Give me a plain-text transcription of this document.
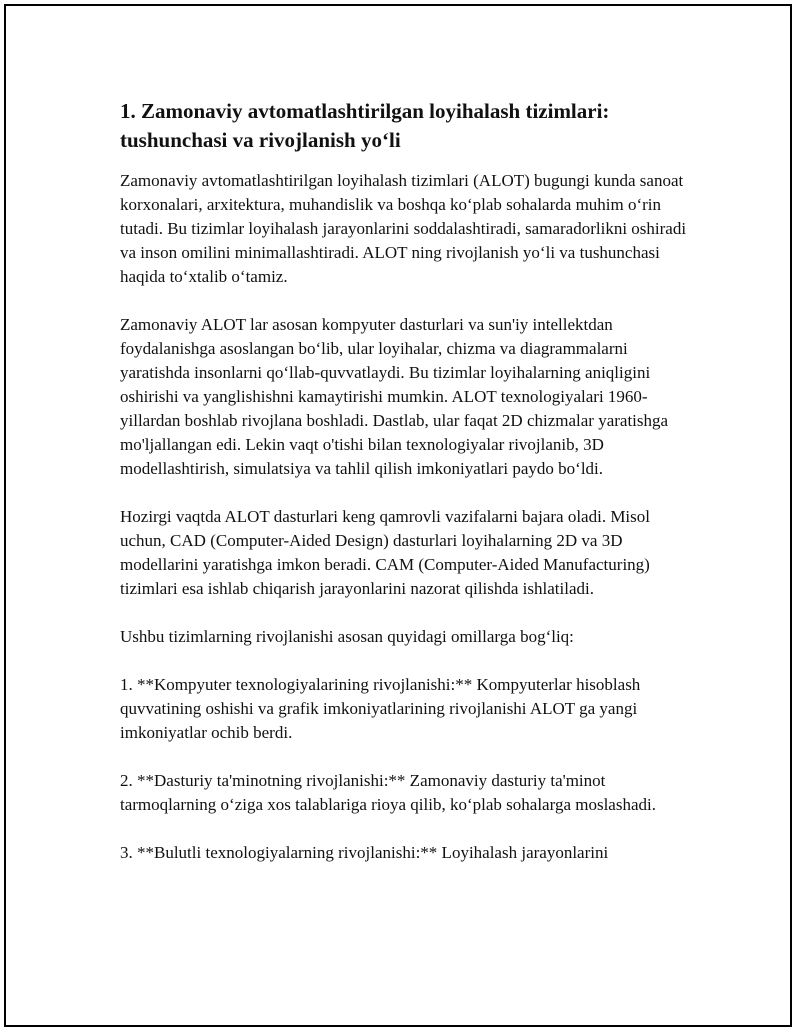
1. Zamonaviy avtomatlashtirilgan loyihalash tizimlari: tushunchasi va rivojlanish yo‘li

Zamonaviy avtomatlashtirilgan loyihalash tizimlari (ALOT) bugungi kunda sanoat korxonalari, arxitektura, muhandislik va boshqa ko‘plab sohalarda muhim o‘rin tutadi. Bu tizimlar loyihalash jarayonlarini soddalashtiradi, samaradorlikni oshiradi va inson omilini minimallashtiradi. ALOT ning rivojlanish yo‘li va tushunchasi haqida to‘xtalib o‘tamiz.

Zamonaviy ALOT lar asosan kompyuter dasturlari va sun'iy intellektdan foydalanishga asoslangan bo‘lib, ular loyihalar, chizma va diagrammalarni yaratishda insonlarni qo‘llab-quvvatlaydi. Bu tizimlar loyihalarning aniqligini oshirishi va yanglishishni kamaytirishi mumkin. ALOT texnologiyalari 1960-yillardan boshlab rivojlana boshladi. Dastlab, ular faqat 2D chizmalar yaratishga mo'ljallangan edi. Lekin vaqt o'tishi bilan texnologiyalar rivojlanib, 3D modellashtirish, simulatsiya va tahlil qilish imkoniyatlari paydo bo‘ldi.

Hozirgi vaqtda ALOT dasturlari keng qamrovli vazifalarni bajara oladi. Misol uchun, CAD (Computer-Aided Design) dasturlari loyihalarning 2D va 3D modellarini yaratishga imkon beradi. CAM (Computer-Aided Manufacturing) tizimlari esa ishlab chiqarish jarayonlarini nazorat qilishda ishlatiladi.

Ushbu tizimlarning rivojlanishi asosan quyidagi omillarga bog‘liq:

1. **Kompyuter texnologiyalarining rivojlanishi:** Kompyuterlar hisoblash quvvatining oshishi va grafik imkoniyatlarining rivojlanishi ALOT ga yangi imkoniyatlar ochib berdi.

2. **Dasturiy ta'minotning rivojlanishi:** Zamonaviy dasturiy ta'minot tarmoqlarning o‘ziga xos talablariga rioya qilib, ko‘plab sohalarga moslashadi.

3. **Bulutli texnologiyalarning rivojlanishi:** Loyihalash jarayonlarini
